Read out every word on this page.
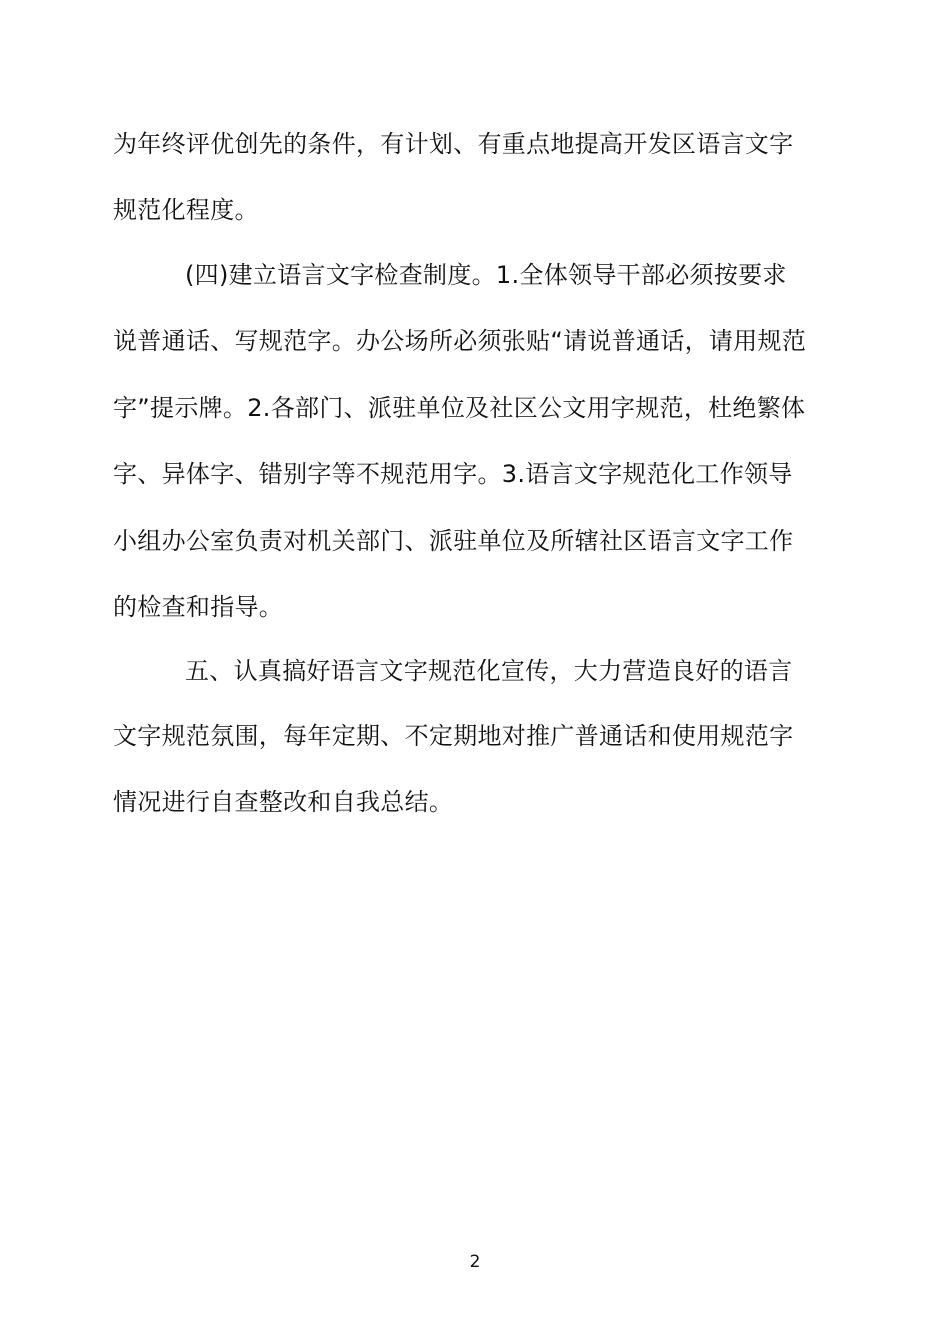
为年终评优创先的条件，有计划、有重点地提高开发区语言文字
规范化程度。
(四)建立语言文字检查制度。1.全体领导干部必须按要求
说普通话、写规范字。办公场所必须张贴“请说普通话，请用规范
字”提示牌。2.各部门、派驻单位及社区公文用字规范，杜绝繁体
字、异体字、错别字等不规范用字。3.语言文字规范化工作领导
小组办公室负责对机关部门、派驻单位及所辖社区语言文字工作
的检查和指导。
五、认真搞好语言文字规范化宣传，大力营造良好的语言
文字规范氛围，每年定期、不定期地对推广普通话和使用规范字
情况进行自查整改和自我总结。
2
